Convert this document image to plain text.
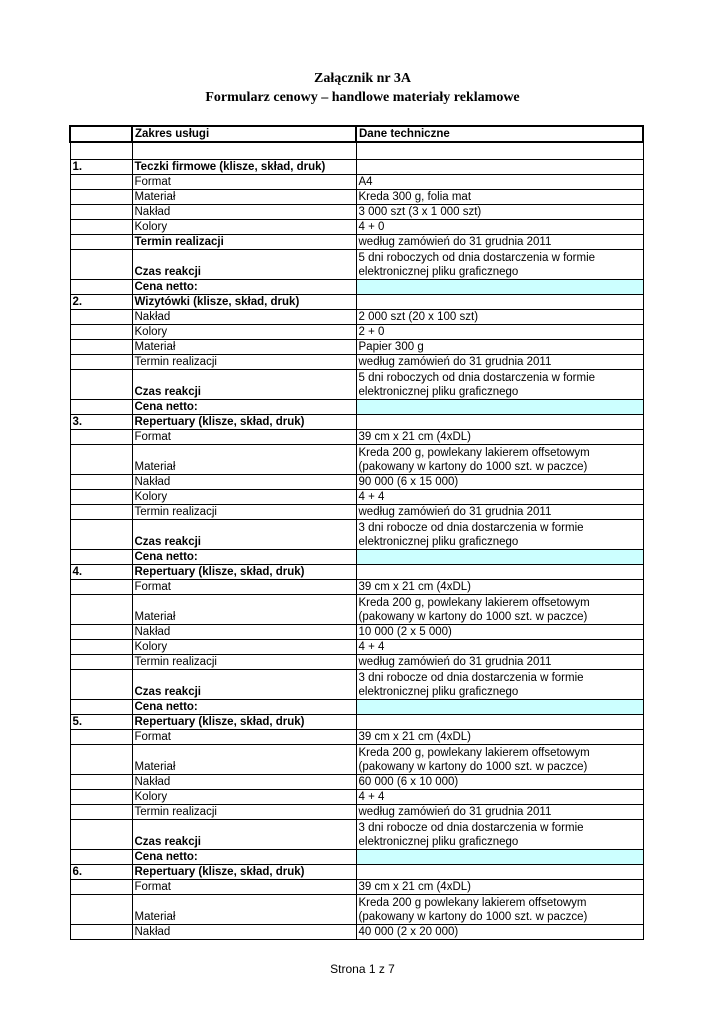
Załącznik nr 3A
Formularz cenowy – handlowe materiały reklamowe
	Zakres usługi	Dane techniczne

1.	Teczki firmowe (klisze, skład, druk)	
	Format	A4

	Materiał	Kreda 300 g, folia mat

	Nakład	3 000 szt (3 x 1 000 szt)

	Kolory	4 + 0

	Termin realizacji	według zamówień do 31 grudnia 2011

	Czas reakcji	5 dni roboczych od dnia dostarczenia w formie
elektronicznej pliku graficznego

	Cena netto:	

2.	Wizytówki (klisze, skład, druk)	
	Nakład	2 000 szt (20 x 100 szt)

	Kolory	2 + 0

	Materiał	Papier 300 g

	Termin realizacji	według zamówień do 31 grudnia 2011

	Czas reakcji	5 dni roboczych od dnia dostarczenia w formie
elektronicznej pliku graficznego

	Cena netto:	

3.	Repertuary (klisze, skład, druk)	
	Format	39 cm x 21 cm (4xDL)

	Materiał	Kreda 200 g, powlekany lakierem offsetowym
(pakowany w kartony do 1000 szt. w paczce)

	Nakład	90 000 (6 x 15 000)

	Kolory	4 + 4

	Termin realizacji	według zamówień do 31 grudnia 2011

	Czas reakcji	3 dni robocze od dnia dostarczenia w formie
elektronicznej pliku graficznego

	Cena netto:	

4.	Repertuary (klisze, skład, druk)	
	Format	39 cm x 21 cm (4xDL)

	Materiał	Kreda 200 g, powlekany lakierem offsetowym
(pakowany w kartony do 1000 szt. w paczce)

	Nakład	10 000 (2 x 5 000)

	Kolory	4 + 4

	Termin realizacji	według zamówień do 31 grudnia 2011

	Czas reakcji	3 dni robocze od dnia dostarczenia w formie
elektronicznej pliku graficznego

	Cena netto:	

5.	Repertuary (klisze, skład, druk)	
	Format	39 cm x 21 cm (4xDL)

	Materiał	Kreda 200 g, powlekany lakierem offsetowym
(pakowany w kartony do 1000 szt. w paczce)

	Nakład	60 000 (6 x 10 000)

	Kolory	4 + 4

	Termin realizacji	według zamówień do 31 grudnia 2011

	Czas reakcji	3 dni robocze od dnia dostarczenia w formie
elektronicznej pliku graficznego

	Cena netto:	

6.	Repertuary (klisze, skład, druk)	
	Format	39 cm x 21 cm (4xDL)

	Materiał	Kreda 200 g powlekany lakierem offsetowym
(pakowany w kartony do 1000 szt. w paczce)

	Nakład	40 000 (2 x 20 000)
Strona 1 z 7
